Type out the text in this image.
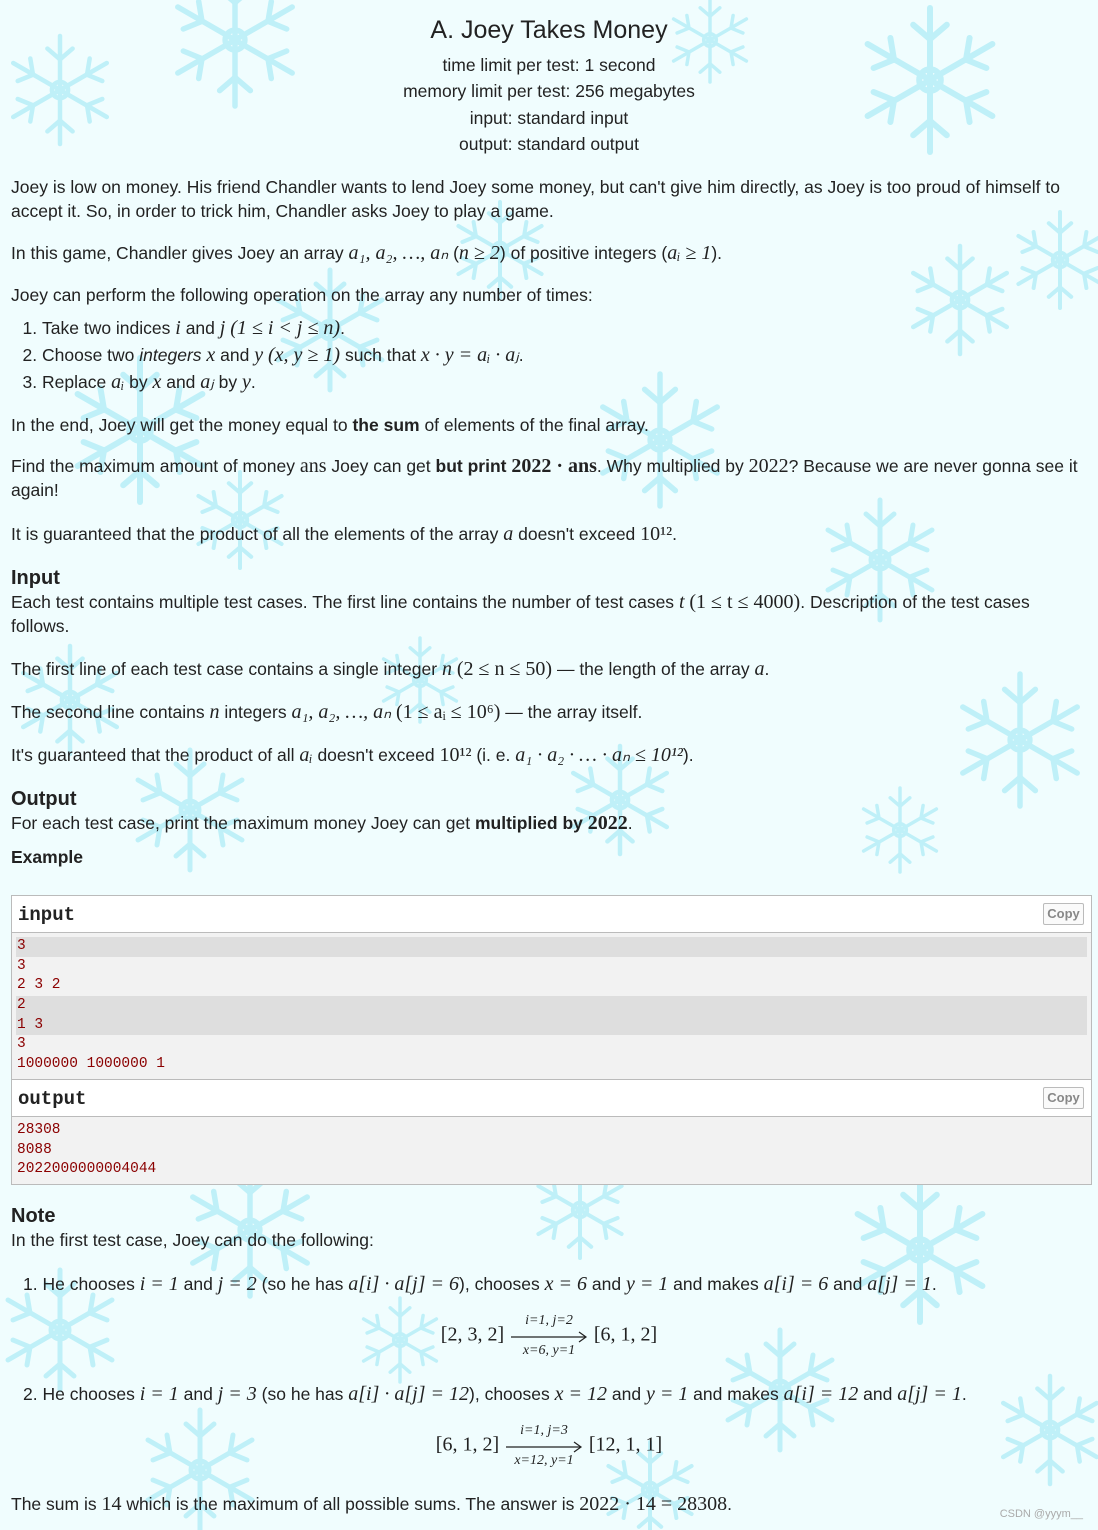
A. Joey Takes Money
time limit per test: 1 second
memory limit per test: 256 megabytes
input: standard input
output: standard output

Joey is low on money. His friend Chandler wants to lend Joey some money, but can't give him directly, as Joey is too proud of himself to accept it. So, in order to trick him, Chandler asks Joey to play a game.

In this game, Chandler gives Joey an array a₁, a₂, …, aₙ (n ≥ 2) of positive integers (aᵢ ≥ 1).

Joey can perform the following operation on the array any number of times:

1. Take two indices i and j (1 ≤ i < j ≤ n).
2. Choose two integers x and y (x, y ≥ 1) such that x · y = aᵢ · aⱼ.
3. Replace aᵢ by x and aⱼ by y.

In the end, Joey will get the money equal to the sum of elements of the final array.

Find the maximum amount of money ans Joey can get but print 2022 · ans. Why multiplied by 2022? Because we are never gonna see it again!

It is guaranteed that the product of all the elements of the array a doesn't exceed 10¹².

Input

Each test contains multiple test cases. The first line contains the number of test cases t (1 ≤ t ≤ 4000). Description of the test cases follows.

The first line of each test case contains a single integer n (2 ≤ n ≤ 50) — the length of the array a.

The second line contains n integers a₁, a₂, …, aₙ (1 ≤ aᵢ ≤ 10⁶) — the array itself.

It's guaranteed that the product of all aᵢ doesn't exceed 10¹² (i. e. a₁ · a₂ · … · aₙ ≤ 10¹²).

Output

For each test case, print the maximum money Joey can get multiplied by 2022.

Example
input	Copy
3
3
2 3 2
2
1 3
3
1000000 1000000 1
output	Copy
28308
8088
2022000000004044
Note

In the first test case, Joey can do the following:

1. He chooses i = 1 and j = 2 (so he has a[i] · a[j] = 6), chooses x = 6 and y = 1 and makes a[i] = 6 and a[j] = 1.
[2, 3, 2]
i=1, j=2
x=6, y=1
[6, 1, 2]
2. He chooses i = 1 and j = 3 (so he has a[i] · a[j] = 12), chooses x = 12 and y = 1 and makes a[i] = 12 and a[j] = 1.
[6, 1, 2]
i=1, j=3
x=12, y=1
[12, 1, 1]
The sum is 14 which is the maximum of all possible sums. The answer is 2022 · 14 = 28308.	CSDN @yyym__
